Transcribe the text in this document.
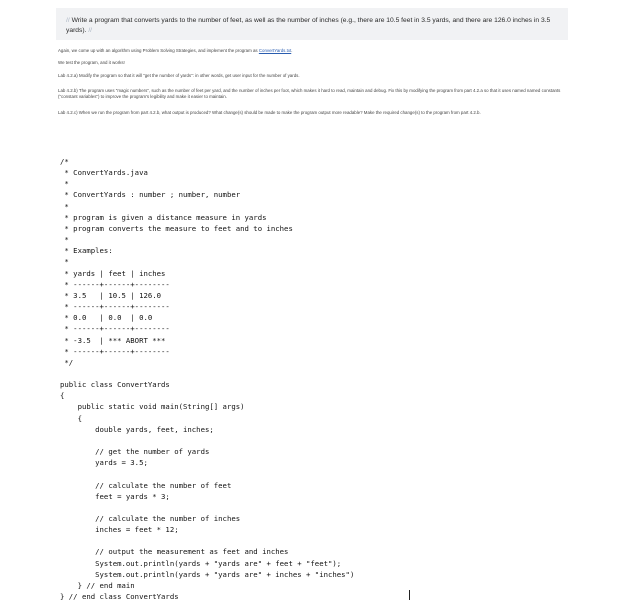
// Write a program that converts yards to the number of feet, as well as the number of inches (e.g., there are 10.5 feet in 3.5 yards, and there are 126.0 inches in 3.5 yards). //
Again, we come up with an algorithm using Problem Solving Strategies, and implement the program as ConvertYards.txt.
We test the program, and it works!
Lab 4.2.a) Modify the program so that it will "get the number of yards": in other words, get user input for the number of yards.
Lab 4.2.b) The program uses "magic numbers", such as the number of feet per yard, and the number of inches per foot, which makes it hard to read, maintain and debug. Fix this by modifying the program from part 4.2.a so that it uses named named constants ("constant variables") to improve the program's legibility and make it easier to maintain.
Lab 4.2.c) When we run the program from part 4.2.b, what output is produced? What change(s) should be made to make the program output more readable? Make the required change(s) to the program from part 4.2.b.
/*
* ConvertYards.java
*
* ConvertYards : number ; number, number
*
* program is given a distance measure in yards
* program converts the measure to feet and to inches
*
* Examples:
*
* yards | feet | inches
* ------+------+--------
* 3.5   | 10.5 | 126.0
* ------+------+--------
* 0.0   | 0.0  | 0.0
* ------+------+--------
* -3.5  | *** ABORT ***
* ------+------+--------
*/

public class ConvertYards
{
public static void main(String[] args)
{
double yards, feet, inches;

// get the number of yards
yards = 3.5;

// calculate the number of feet
feet = yards * 3;

// calculate the number of inches
inches = feet * 12;

// output the measurement as feet and inches
System.out.println(yards + "yards are" + feet + "feet");
System.out.println(yards + "yards are" + inches + "inches")
} // end main
} // end class ConvertYards
